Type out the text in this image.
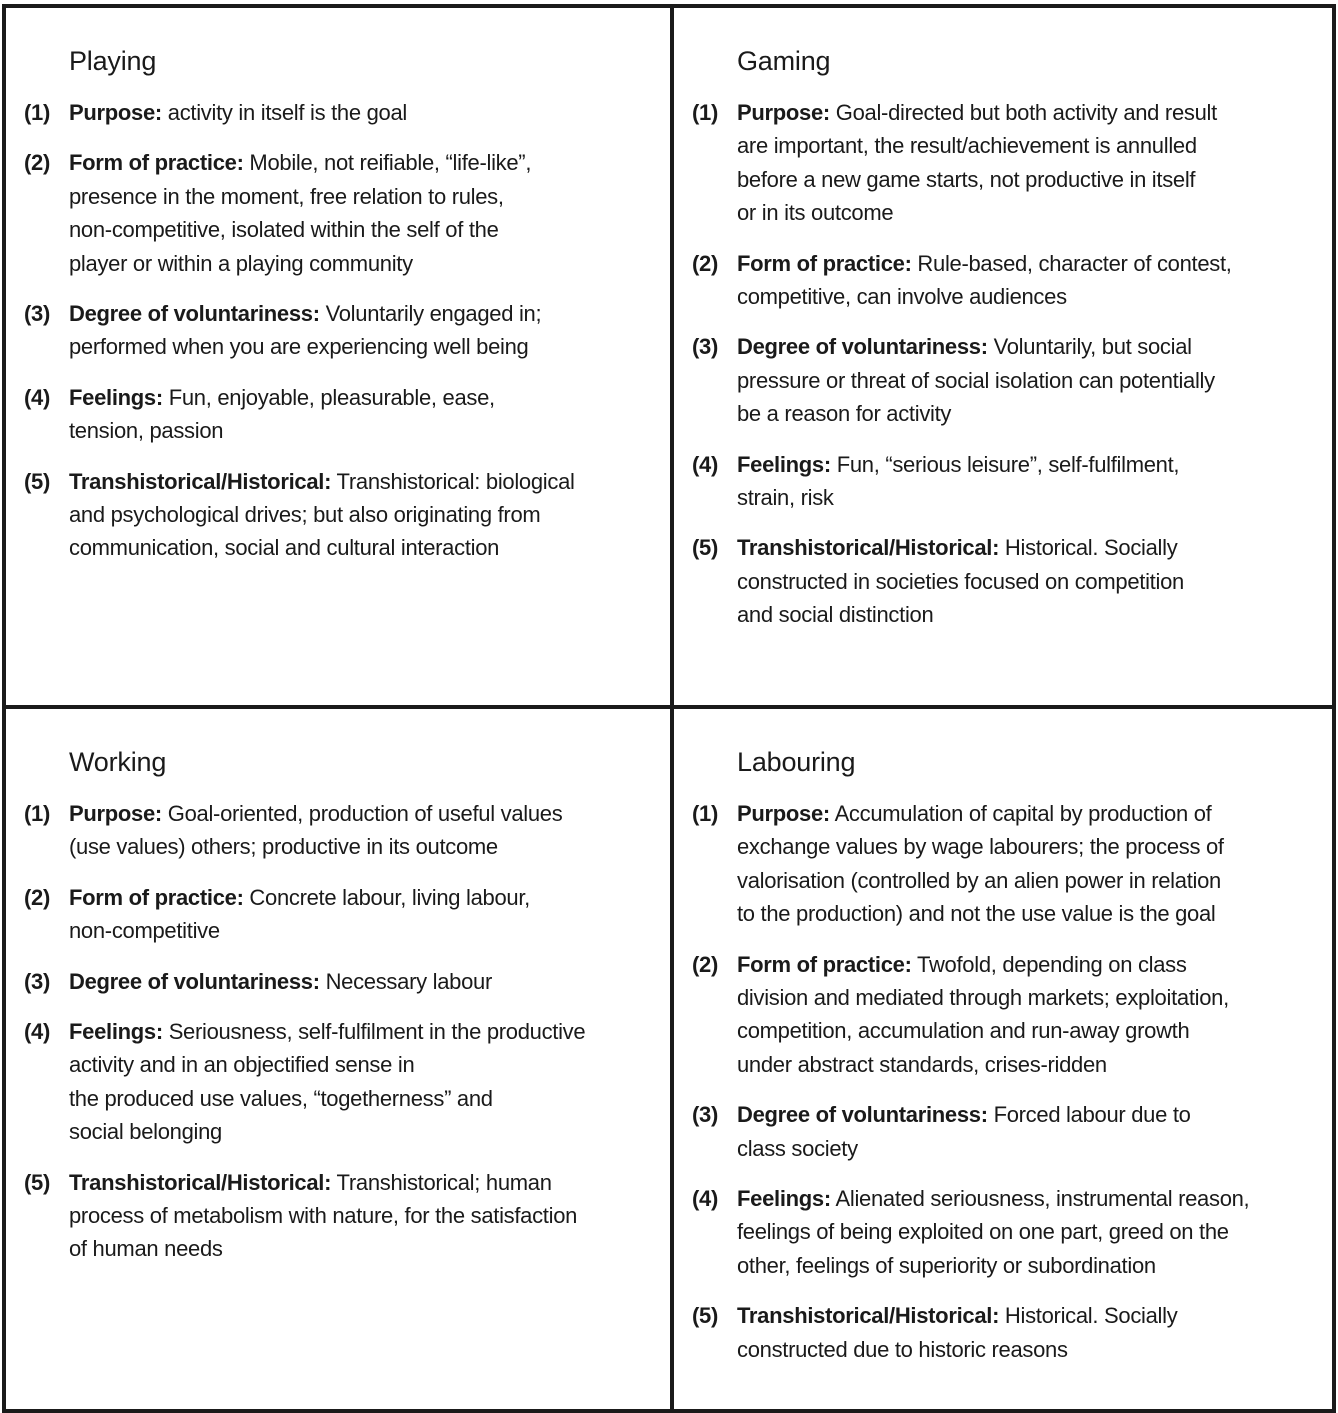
Playing
(1) Purpose: activity in itself is the goal
(2) Form of practice: Mobile, not reifiable, “life-like”,
presence in the moment, free relation to rules,
non-competitive, isolated within the self of the
player or within a playing community
(3) Degree of voluntariness: Voluntarily engaged in;
performed when you are experiencing well being
(4) Feelings: Fun, enjoyable, pleasurable, ease,
tension, passion
(5) Transhistorical/Historical: Transhistorical: biological
and psychological drives; but also originating from
communication, social and cultural interaction
Gaming
(1) Purpose: Goal-directed but both activity and result
are important, the result/achievement is annulled
before a new game starts, not productive in itself
or in its outcome
(2) Form of practice: Rule-based, character of contest,
competitive, can involve audiences
(3) Degree of voluntariness: Voluntarily, but social
pressure or threat of social isolation can potentially
be a reason for activity
(4) Feelings: Fun, “serious leisure”, self-fulfilment,
strain, risk
(5) Transhistorical/Historical: Historical. Socially
constructed in societies focused on competition
and social distinction
Working
(1) Purpose: Goal-oriented, production of useful values
(use values) others; productive in its outcome
(2) Form of practice: Concrete labour, living labour,
non-competitive
(3) Degree of voluntariness: Necessary labour
(4) Feelings: Seriousness, self-fulfilment in the productive
activity and in an objectified sense in
the produced use values, “togetherness” and
social belonging
(5) Transhistorical/Historical: Transhistorical; human
process of metabolism with nature, for the satisfaction
of human needs
Labouring
(1) Purpose: Accumulation of capital by production of
exchange values by wage labourers; the process of
valorisation (controlled by an alien power in relation
to the production) and not the use value is the goal
(2) Form of practice: Twofold, depending on class
division and mediated through markets; exploitation,
competition, accumulation and run-away growth
under abstract standards, crises-ridden
(3) Degree of voluntariness: Forced labour due to
class society
(4) Feelings: Alienated seriousness, instrumental reason,
feelings of being exploited on one part, greed on the
other, feelings of superiority or subordination
(5) Transhistorical/Historical: Historical. Socially
constructed due to historic reasons
